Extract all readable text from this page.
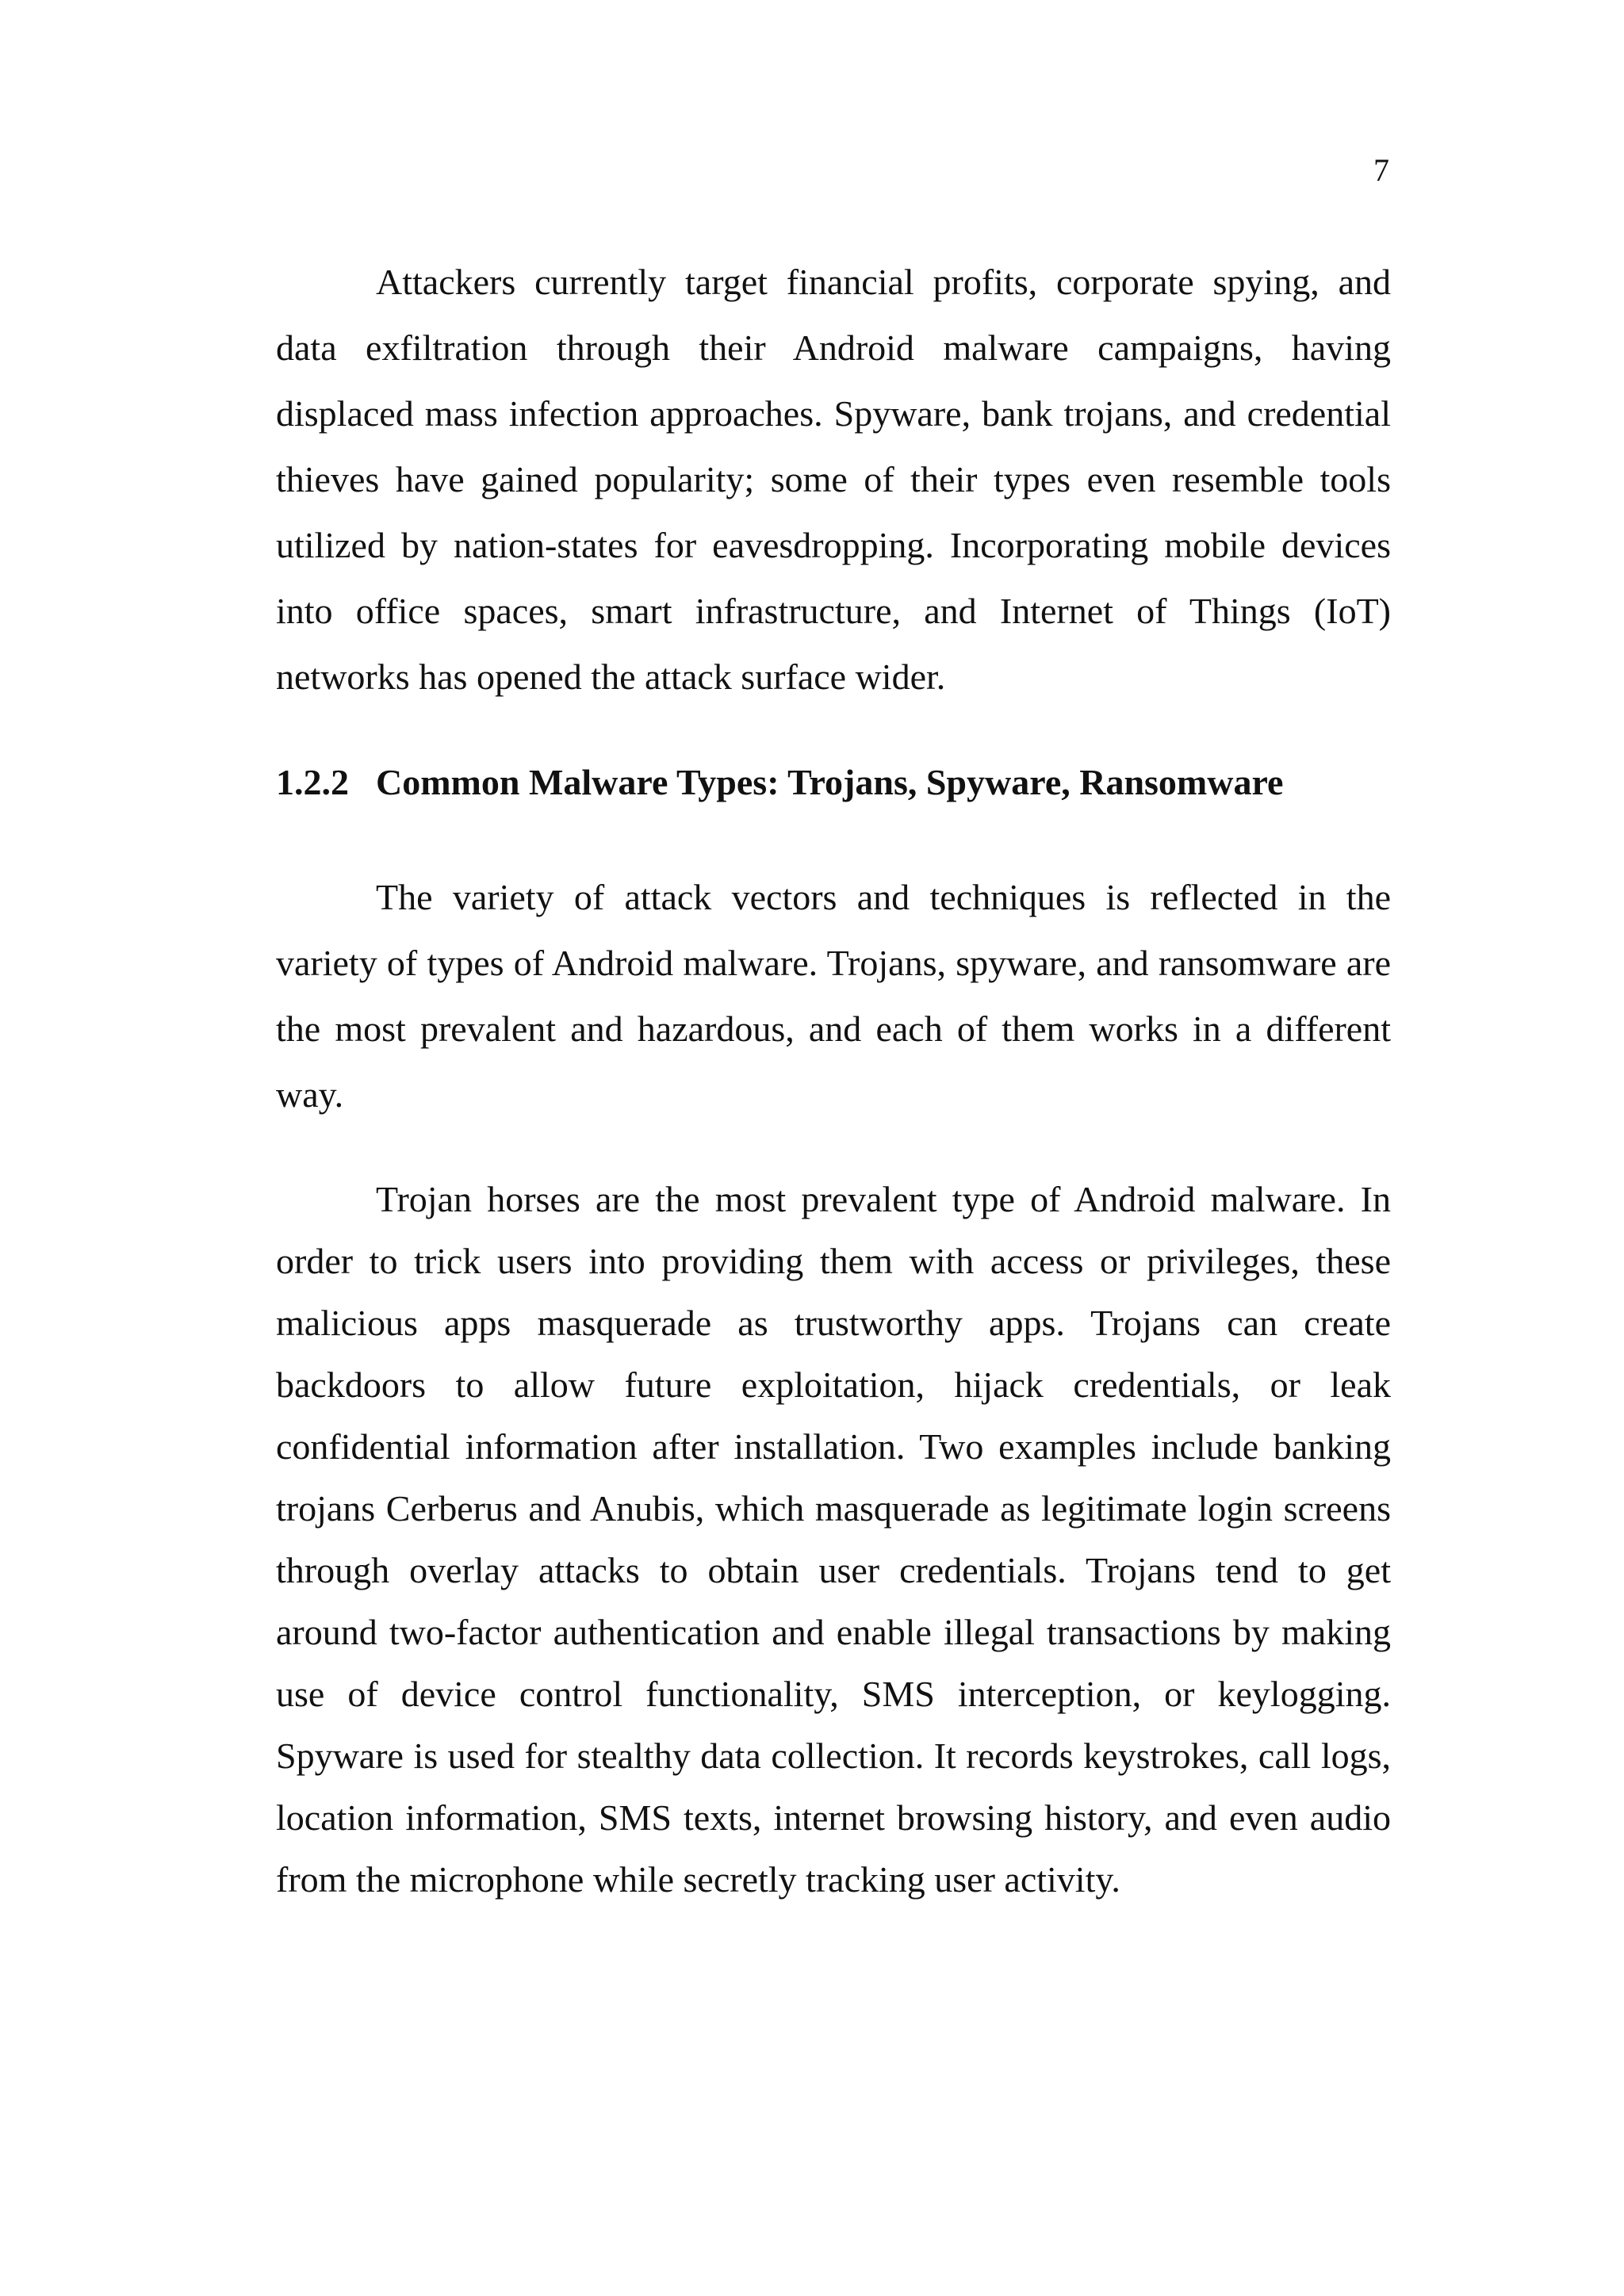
7

Attackers currently target financial profits, corporate spying, and data exfiltration through their Android malware campaigns, having displaced mass infection approaches. Spyware, bank trojans, and credential thieves have gained popularity; some of their types even resemble tools utilized by nation-states for eavesdropping. Incorporating mobile devices into office spaces, smart infrastructure, and Internet of Things (IoT) networks has opened the attack surface wider.

1.2.2 Common Malware Types: Trojans, Spyware, Ransomware

The variety of attack vectors and techniques is reflected in the variety of types of Android malware. Trojans, spyware, and ransomware are the most prevalent and hazardous, and each of them works in a different way.

Trojan horses are the most prevalent type of Android malware. In order to trick users into providing them with access or privileges, these malicious apps masquerade as trustworthy apps. Trojans can create backdoors to allow future exploitation, hijack credentials, or leak confidential information after installation. Two examples include banking trojans Cerberus and Anubis, which masquerade as legitimate login screens through overlay attacks to obtain user credentials. Trojans tend to get around two-factor authentication and enable illegal transactions by making use of device control functionality, SMS interception, or keylogging. Spyware is used for stealthy data collection. It records keystrokes, call logs, location information, SMS texts, internet browsing history, and even audio from the microphone while secretly tracking user activity.
